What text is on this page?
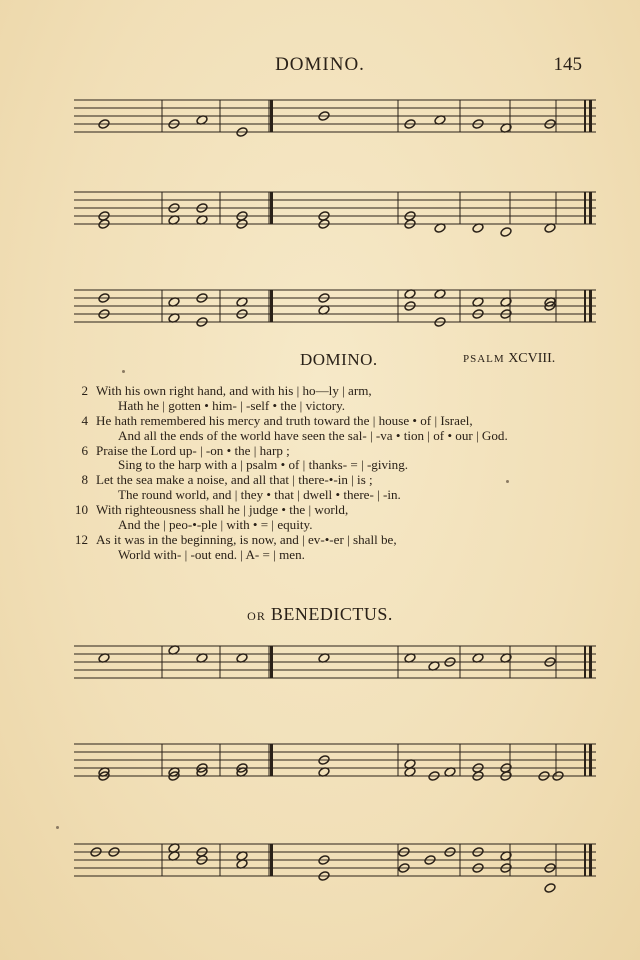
DOMINO.	145
DOMINO.	PSALM XCVIII.
2 With his own right hand, and with his | ho—ly | arm,
Hath he | gotten • him- | -self • the | victory.
4 He hath remembered his mercy and truth toward the | house • of | Israel,
And all the ends of the world have seen the sal- | -va • tion | of • our | God.
6 Praise the Lord up- | -on • the | harp ;
Sing to the harp with a | psalm • of | thanks- = | -giving.
8 Let the sea make a noise, and all that | there-•-in | is ;
The round world, and | they • that | dwell • there- | -in.
10 With righteousness shall he | judge • the | world,
And the | peo-•-ple | with • = | equity.
12 As it was in the beginning, is now, and | ev-•-er | shall be,
World with- | -out end. | A- = | men.
OR BENEDICTUS.
